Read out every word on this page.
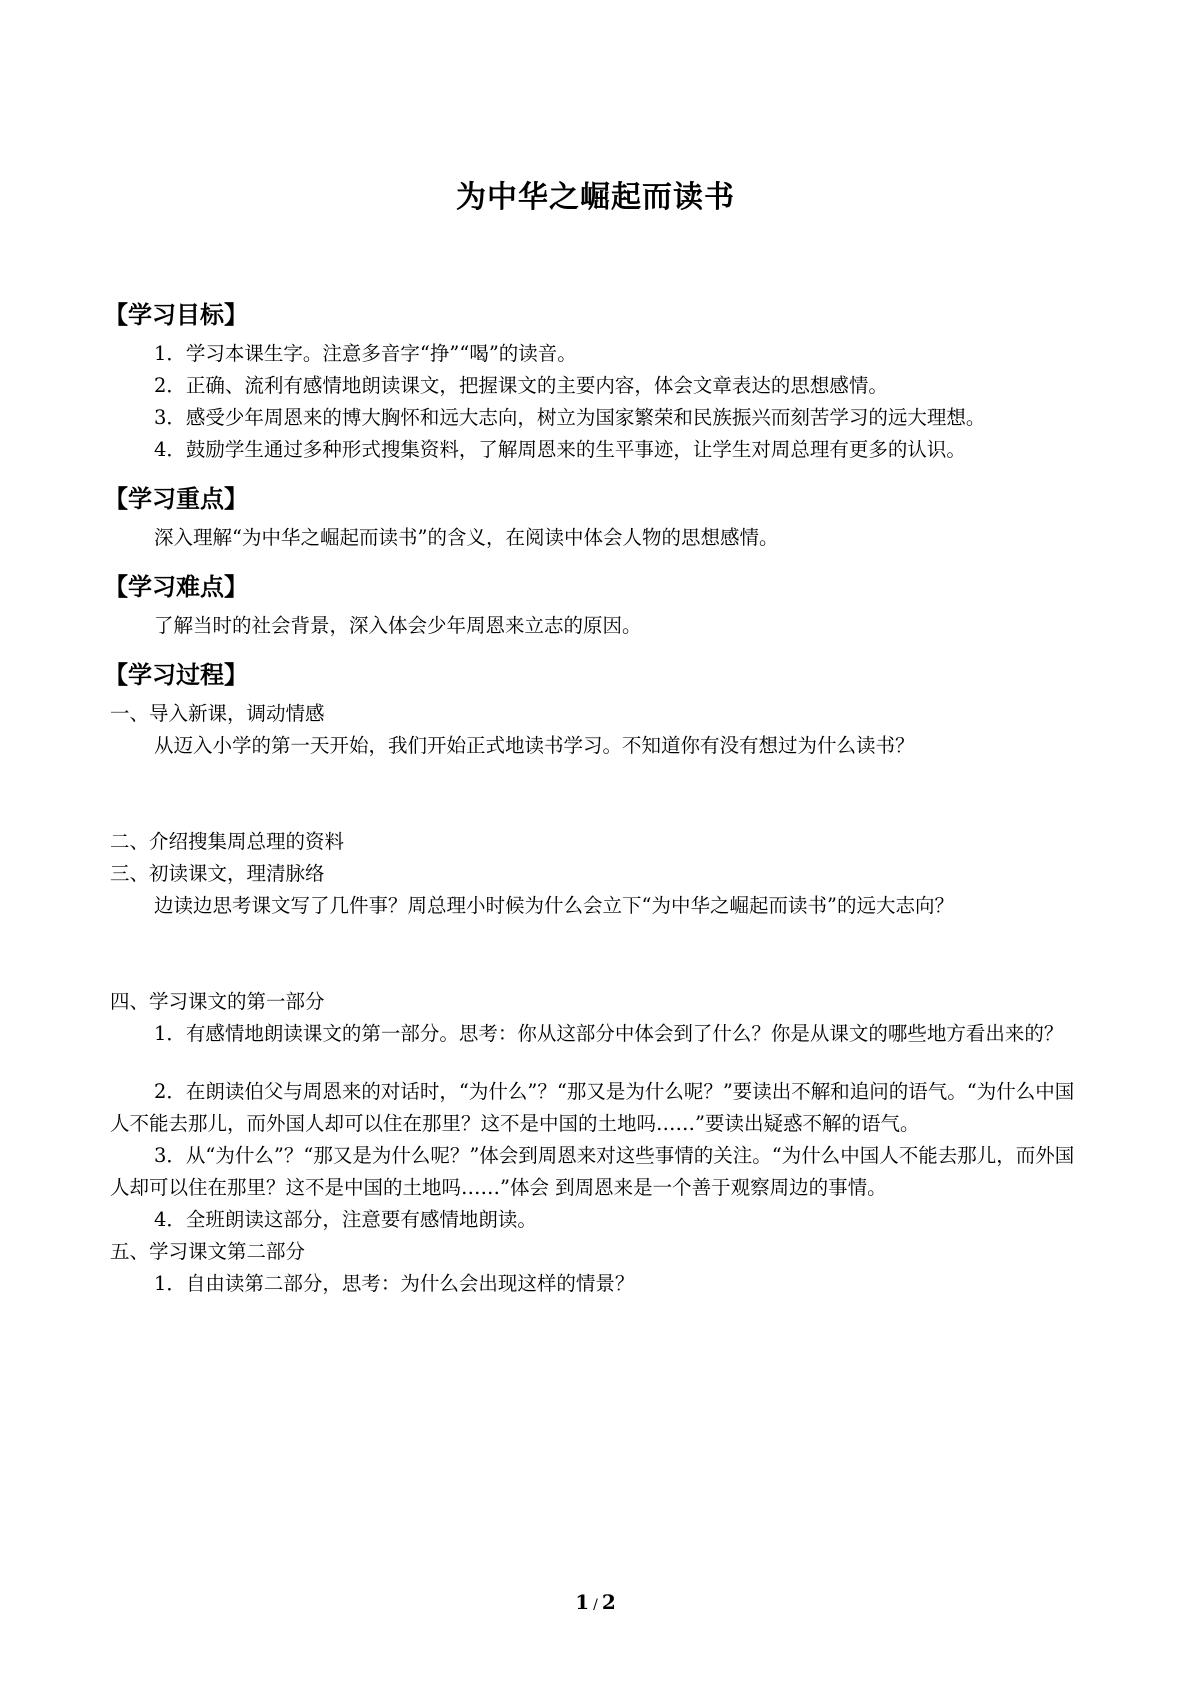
为中华之崛起而读书
【学习目标】

1．学习本课生字。注意多音字“挣”“喝”的读音。

2．正确、流利有感情地朗读课文，把握课文的主要内容，体会文章表达的思想感情。

3．感受少年周恩来的博大胸怀和远大志向，树立为国家繁荣和民族振兴而刻苦学习的远大理想。

4．鼓励学生通过多种形式搜集资料，了解周恩来的生平事迹，让学生对周总理有更多的认识。

【学习重点】

深入理解“为中华之崛起而读书”的含义，在阅读中体会人物的思想感情。

【学习难点】

了解当时的社会背景，深入体会少年周恩来立志的原因。

【学习过程】

一、导入新课，调动情感

从迈入小学的第一天开始，我们开始正式地读书学习。不知道你有没有想过为什么读书？

二、介绍搜集周总理的资料

三、初读课文，理清脉络

边读边思考课文写了几件事？周总理小时候为什么会立下“为中华之崛起而读书”的远大志向？

四、学习课文的第一部分

1．有感情地朗读课文的第一部分。思考：你从这部分中体会到了什么？你是从课文的哪些地方看出来的？

2．在朗读伯父与周恩来的对话时，“为什么”？“那又是为什么呢？”要读出不解和追问的语气。“为什么中国人不能去那儿，而外国人却可以住在那里？这不是中国的土地吗……”要读出疑惑不解的语气。

3．从“为什么”？“那又是为什么呢？”体会到周恩来对这些事情的关注。“为什么中国人不能去那儿，而外国人却可以住在那里？这不是中国的土地吗……”体会 到周恩来是一个善于观察周边的事情。

4．全班朗读这部分，注意要有感情地朗读。

五、学习课文第二部分

1．自由读第二部分，思考：为什么会出现这样的情景？

1 / 2
